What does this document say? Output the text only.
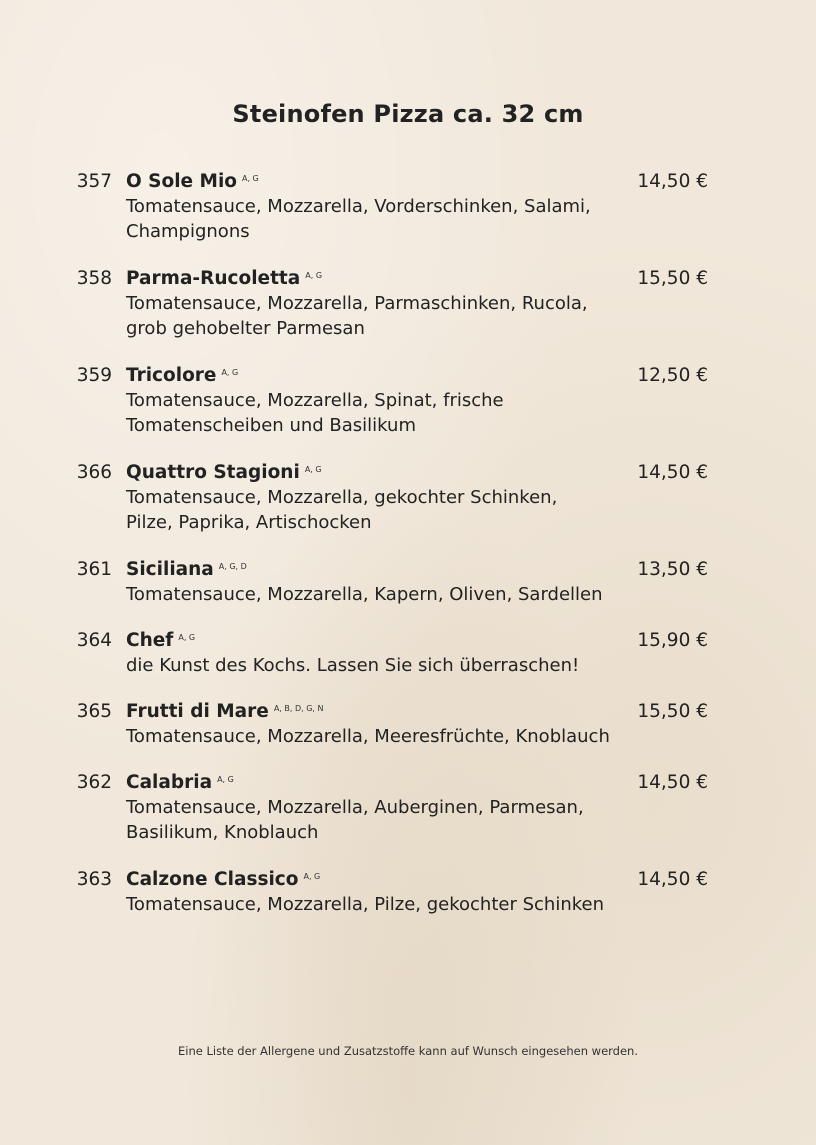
Steinofen Pizza ca. 32 cm
357 O Sole Mio $^{A, G}$	14,50 €
Tomatensauce, Mozzarella, Vorderschinken, Salami,
Champignons
358 Parma-Rucoletta $^{A, G}$	15,50 €
Tomatensauce, Mozzarella, Parmaschinken, Rucola,
grob gehobelter Parmesan
359 Tricolore $^{A, G}$	12,50 €
Tomatensauce, Mozzarella, Spinat, frische
Tomatenscheiben und Basilikum
366 Quattro Stagioni $^{A, G}$	14,50 €
Tomatensauce, Mozzarella, gekochter Schinken,
Pilze, Paprika, Artischocken
361 Siciliana $^{A, G, D}$	13,50 €
Tomatensauce, Mozzarella, Kapern, Oliven, Sardellen
364 Chef $^{A, G}$	15,90 €
die Kunst des Kochs. Lassen Sie sich überraschen!
365 Frutti di Mare $^{A, B, D, G, N}$	15,50 €
Tomatensauce, Mozzarella, Meeresfrüchte, Knoblauch
362 Calabria $^{A, G}$	14,50 €
Tomatensauce, Mozzarella, Auberginen, Parmesan,
Basilikum, Knoblauch
363 Calzone Classico $^{A, G}$	14,50 €
Tomatensauce, Mozzarella, Pilze, gekochter Schinken
Eine Liste der Allergene und Zusatzstoffe kann auf Wunsch eingesehen werden.
